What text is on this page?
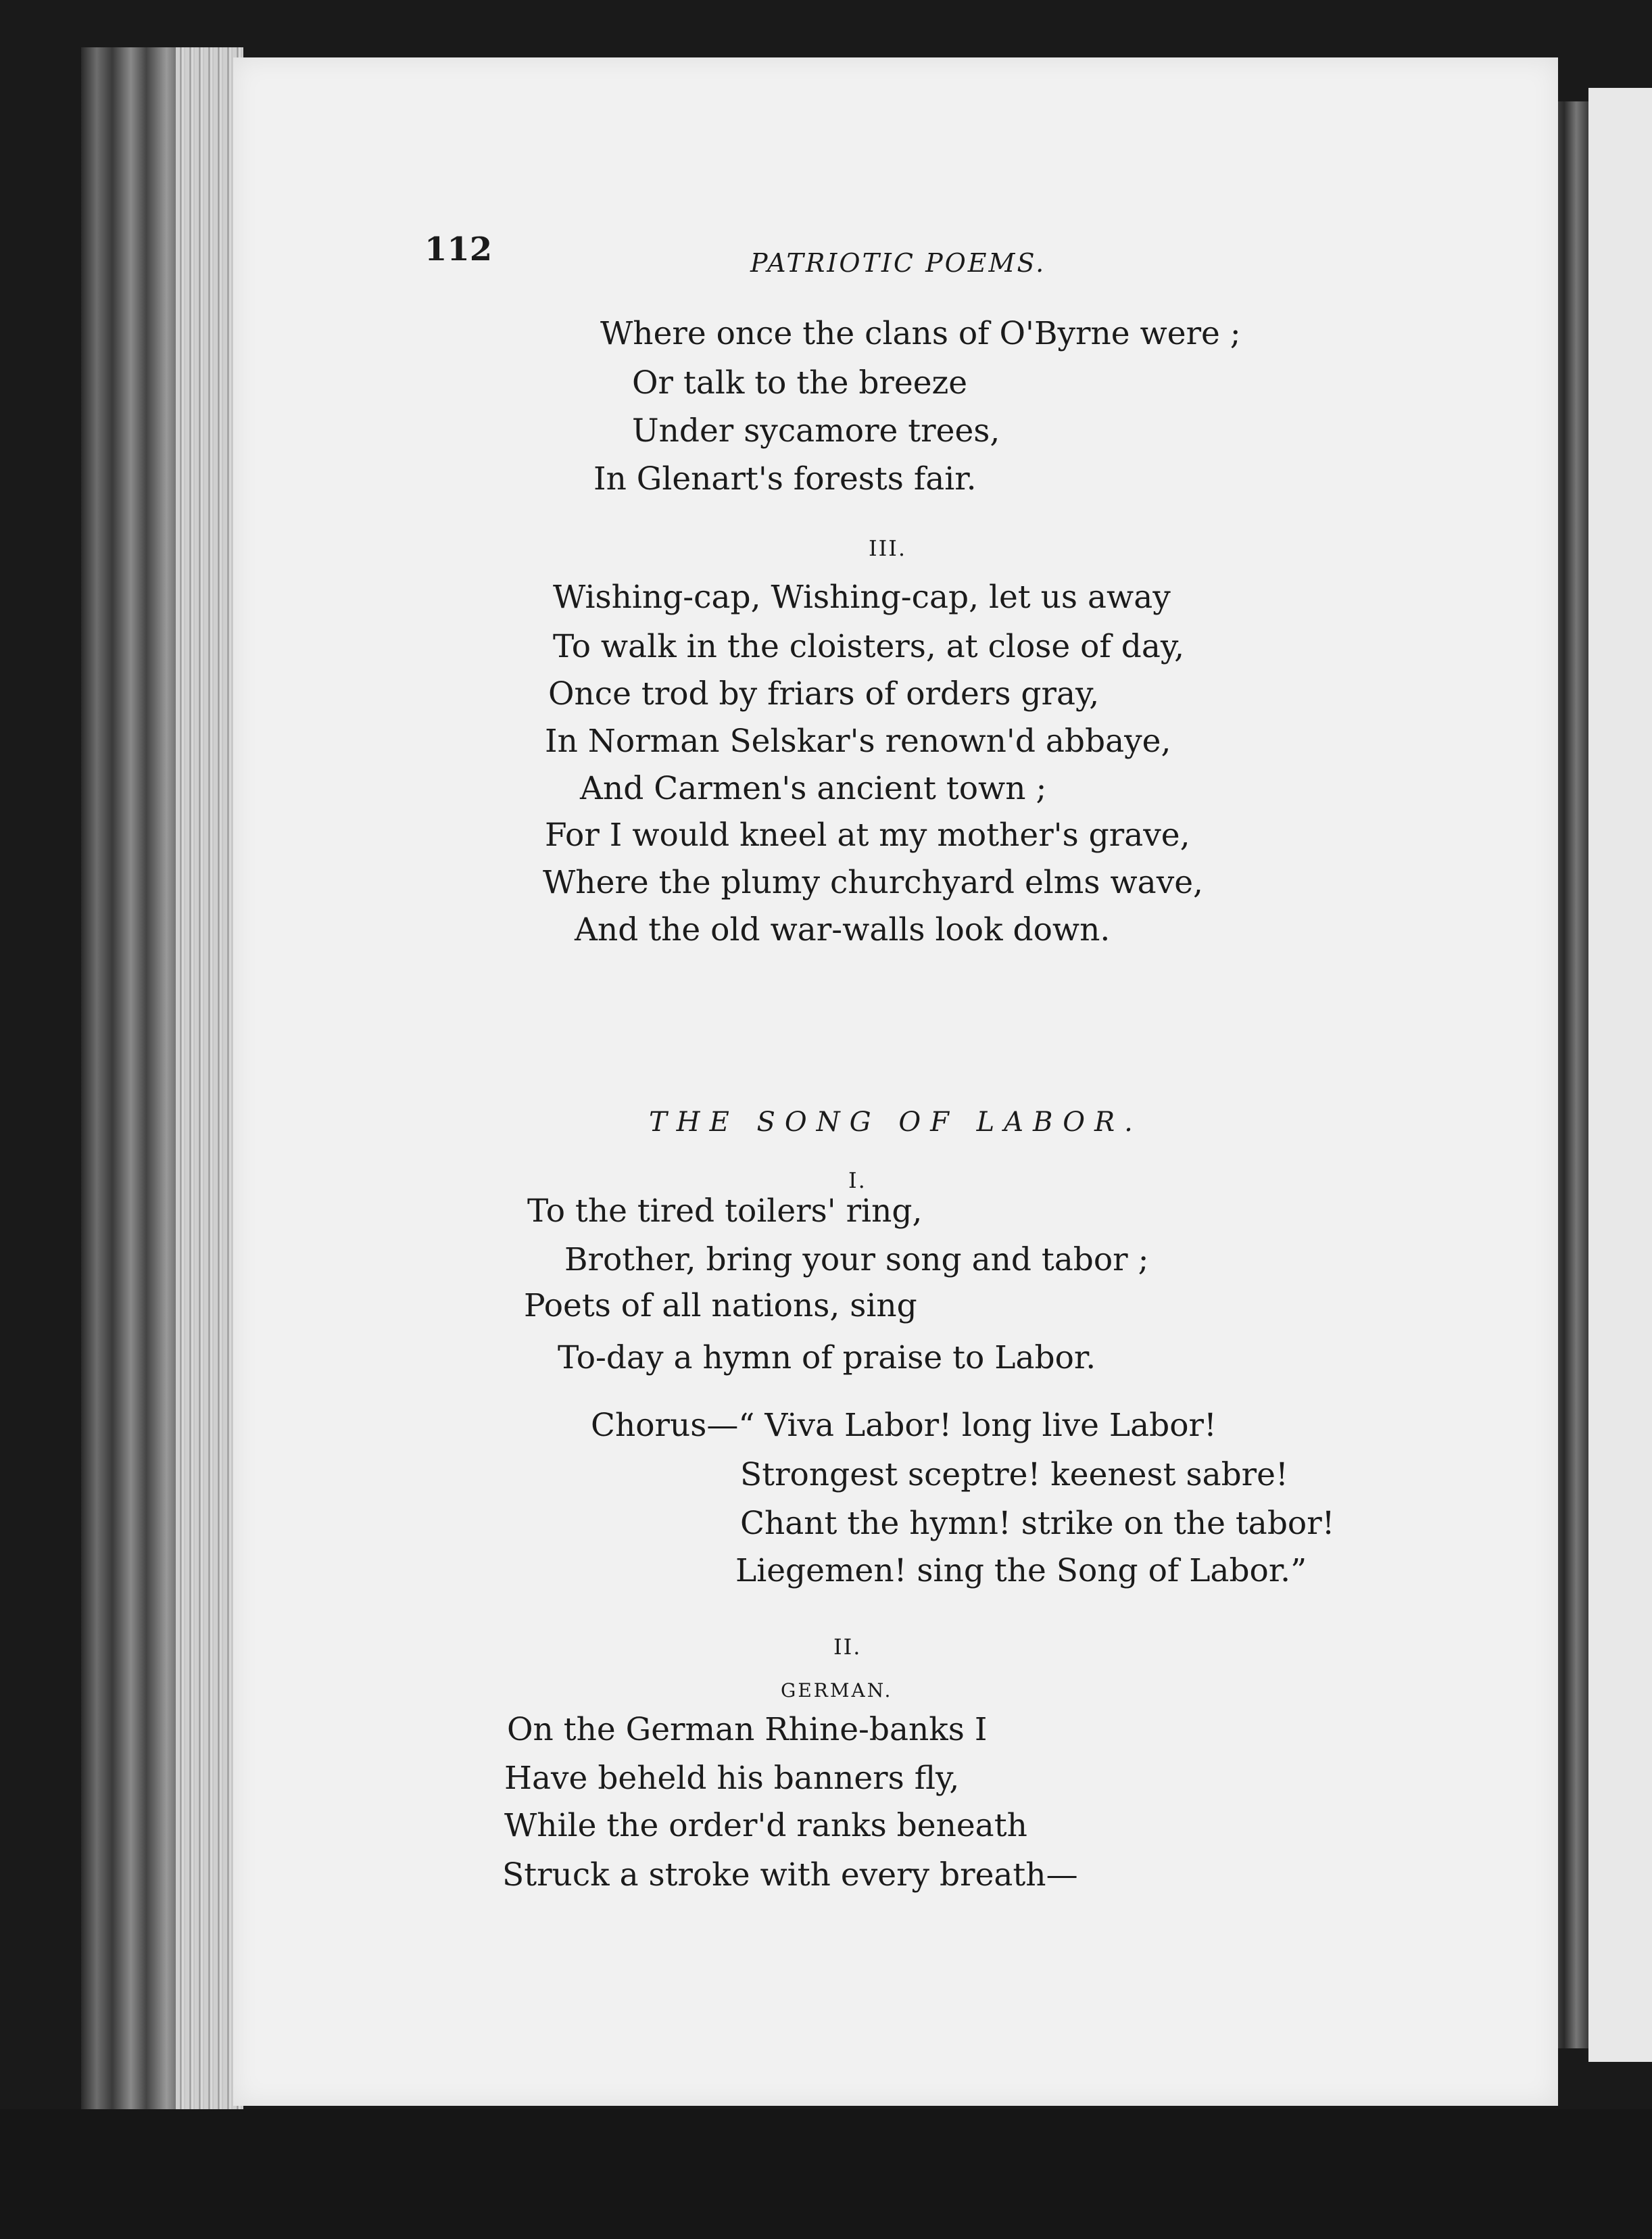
112	PATRIOTIC POEMS.
Where once the clans of O'Byrne were ;
Or talk to the breeze
Under sycamore trees,
In Glenart's forests fair.
III.
Wishing-cap, Wishing-cap, let us away
To walk in the cloisters, at close of day,
Once trod by friars of orders gray,
In Norman Selskar's renown'd abbaye,
And Carmen's ancient town ;
For I would kneel at my mother's grave,
Where the plumy churchyard elms wave,
And the old war-walls look down.
THE SONG OF LABOR.
I.
To the tired toilers' ring,
Brother, bring your song and tabor ;
Poets of all nations, sing
To-day a hymn of praise to Labor.
Chorus—“ Viva Labor! long live Labor!
Strongest sceptre! keenest sabre!
Chant the hymn! strike on the tabor!
Liegemen! sing the Song of Labor.”
II.
GERMAN.
On the German Rhine-banks I
Have beheld his banners fly,
While the order'd ranks beneath
Struck a stroke with every breath—
